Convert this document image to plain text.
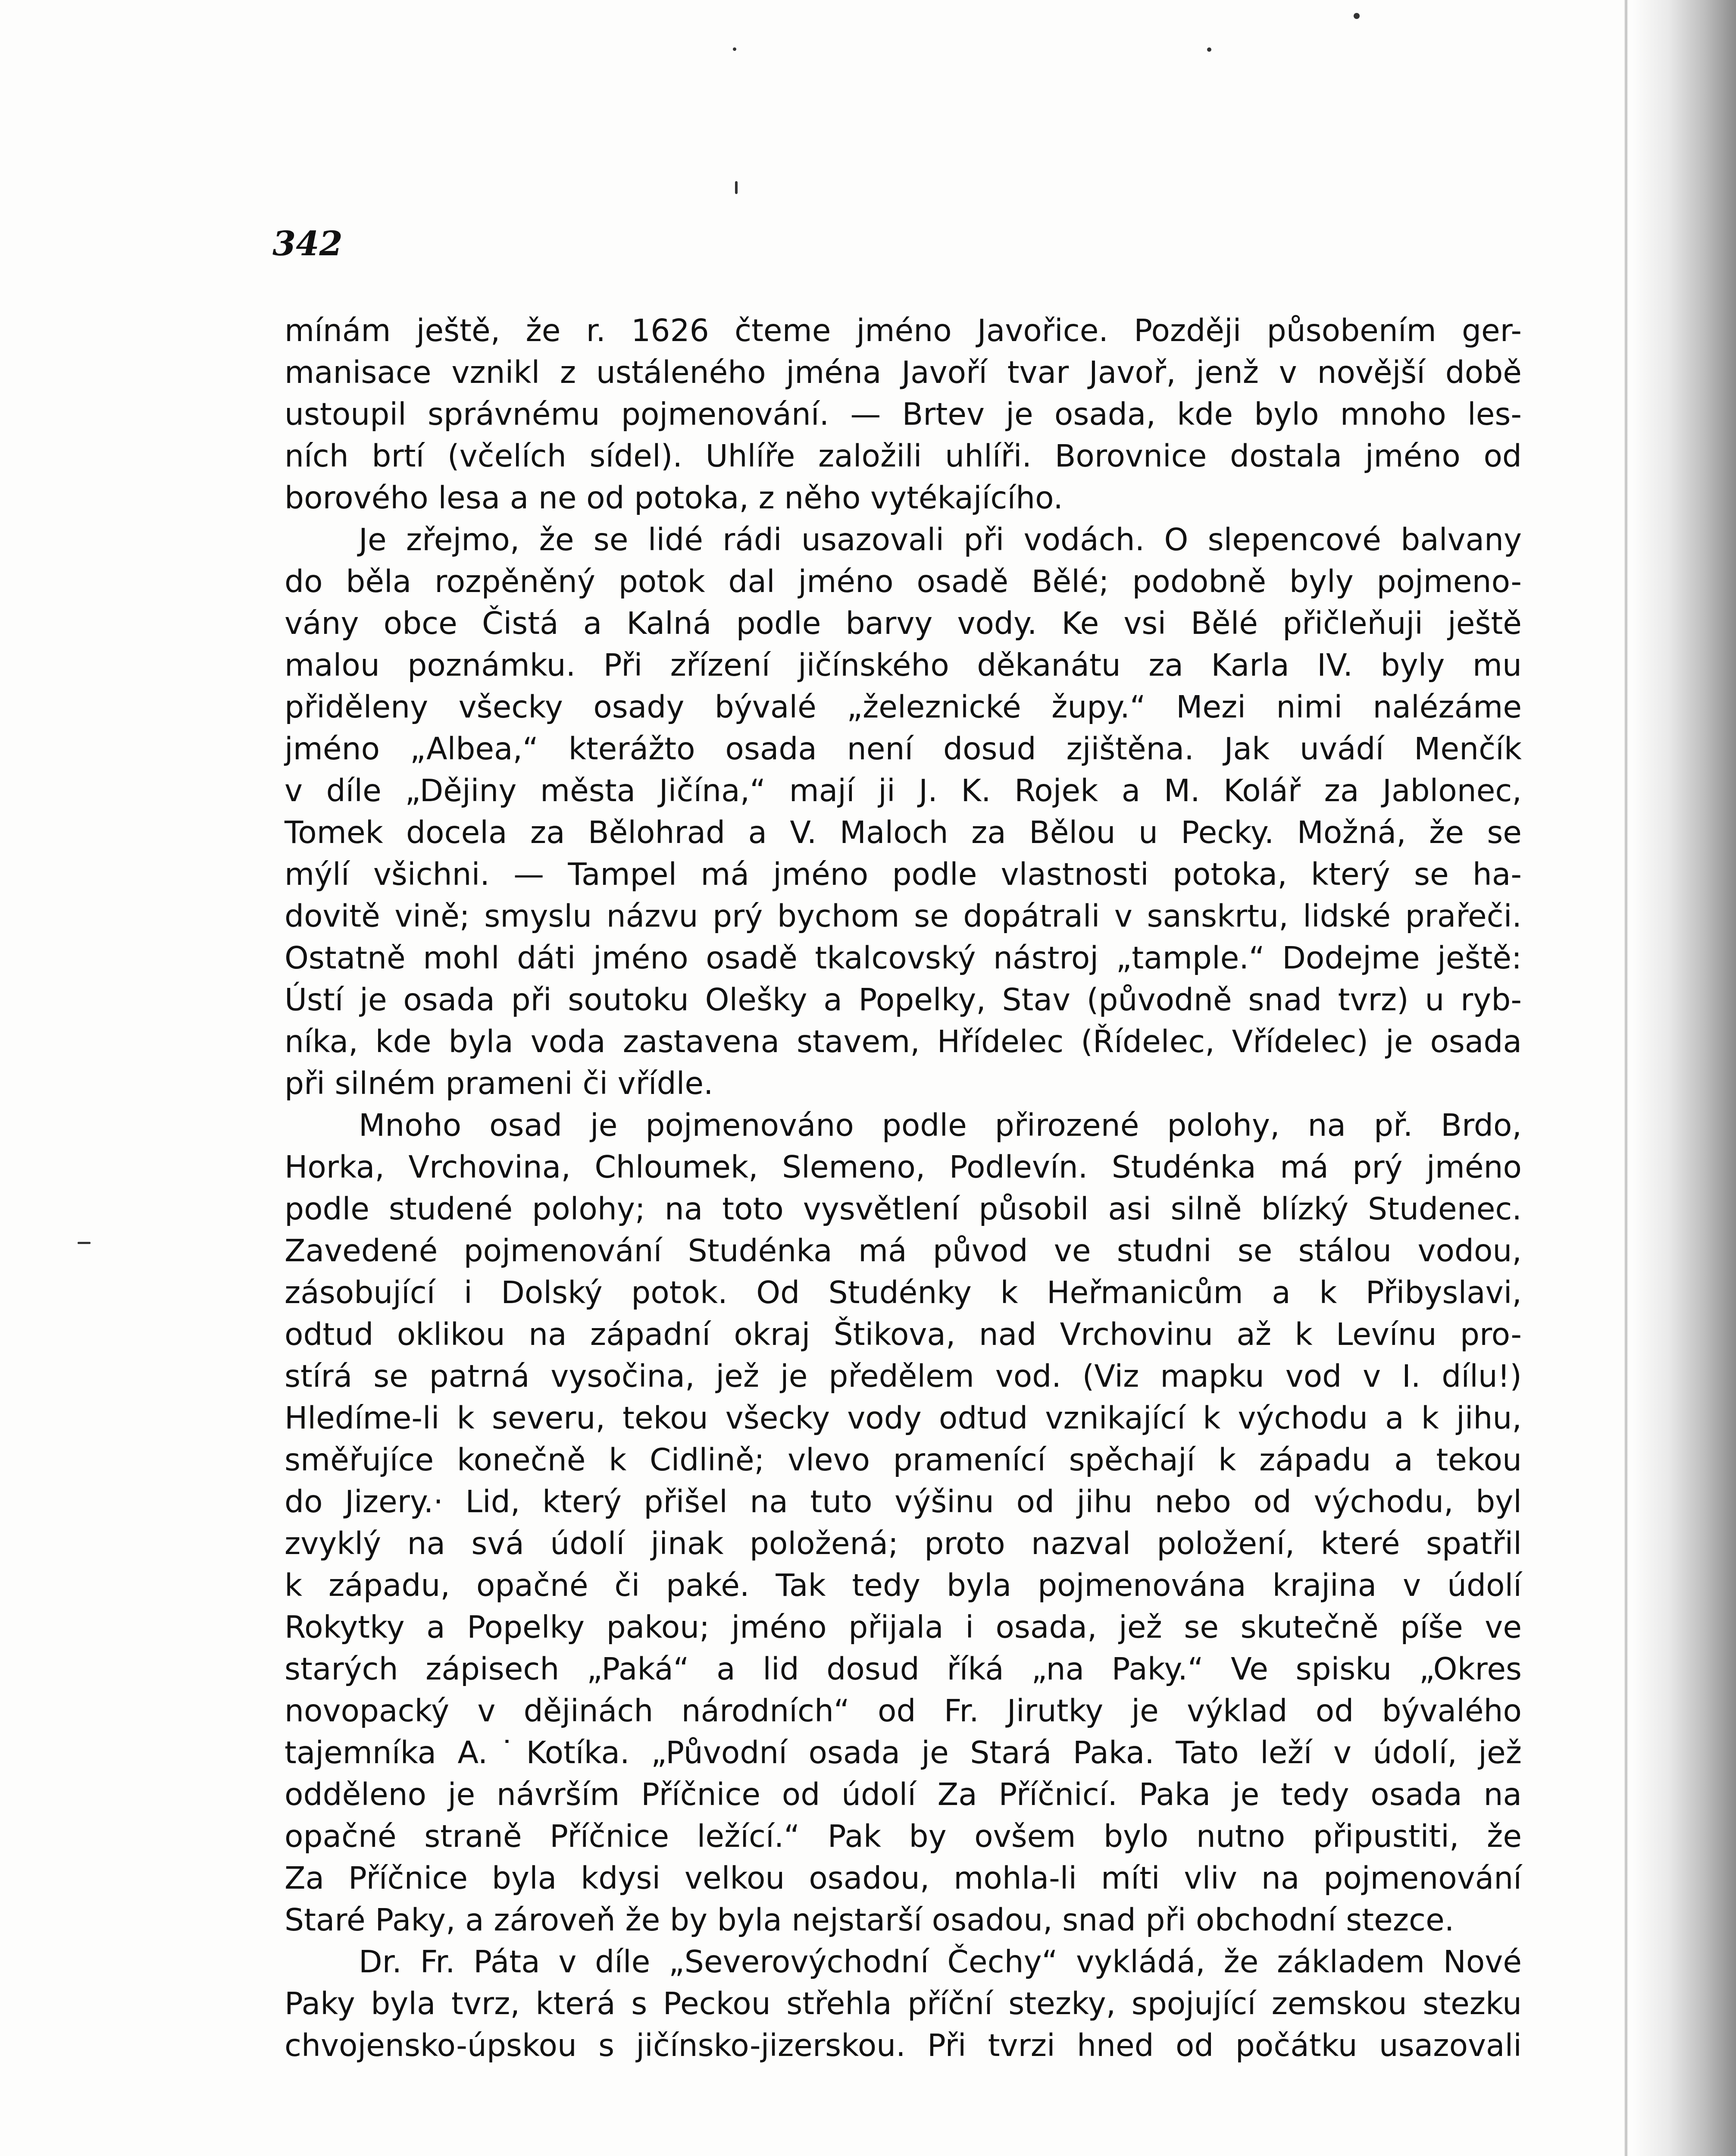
342
mínám ještě, že r. 1626 čteme jméno Javořice. Později působením ger-
manisace vznikl z ustáleného jména Javoří tvar Javoř, jenž v novější době
ustoupil správnému pojmenování. — Brtev je osada, kde bylo mnoho les-
ních brtí (včelích sídel). Uhlíře založili uhlíři. Borovnice dostala jméno od
borového lesa a ne od potoka, z něho vytékajícího.
Je zřejmo, že se lidé rádi usazovali při vodách. O slepencové balvany
do běla rozpěněný potok dal jméno osadě Bělé; podobně byly pojmeno-
vány obce Čistá a Kalná podle barvy vody. Ke vsi Bělé přičleňuji ještě
malou poznámku. Při zřízení jičínského děkanátu za Karla IV. byly mu
přiděleny všecky osady bývalé „železnické župy.“ Mezi nimi nalézáme
jméno „Albea,“ kterážto osada není dosud zjištěna. Jak uvádí Menčík
v díle „Dějiny města Jičína,“ mají ji J. K. Rojek a M. Kolář za Jablonec,
Tomek docela za Bělohrad a V. Maloch za Bělou u Pecky. Možná, že se
mýlí všichni. — Tampel má jméno podle vlastnosti potoka, který se ha-
dovitě vině; smyslu názvu prý bychom se dopátrali v sanskrtu, lidské prařeči.
Ostatně mohl dáti jméno osadě tkalcovský nástroj „tample.“ Dodejme ještě:
Ústí je osada při soutoku Olešky a Popelky, Stav (původně snad tvrz) u ryb-
níka, kde byla voda zastavena stavem, Hřídelec (Řídelec, Vřídelec) je osada
při silném prameni či vřídle.
Mnoho osad je pojmenováno podle přirozené polohy, na př. Brdo,
Horka, Vrchovina, Chloumek, Slemeno, Podlevín. Studénka má prý jméno
podle studené polohy; na toto vysvětlení působil asi silně blízký Studenec.
Zavedené pojmenování Studénka má původ ve studni se stálou vodou,
zásobující i Dolský potok. Od Studénky k Heřmanicům a k Přibyslavi,
odtud oklikou na západní okraj Štikova, nad Vrchovinu až k Levínu pro-
stírá se patrná vysočina, jež je předělem vod. (Viz mapku vod v I. dílu!)
Hledíme-li k severu, tekou všecky vody odtud vznikající k východu a k jihu,
směřujíce konečně k Cidlině; vlevo pramenící spěchají k západu a tekou
do Jizery.· Lid, který přišel na tuto výšinu od jihu nebo od východu, byl
zvyklý na svá údolí jinak položená; proto nazval položení, které spatřil
k západu, opačné či paké. Tak tedy byla pojmenována krajina v údolí
Rokytky a Popelky pakou; jméno přijala i osada, jež se skutečně píše ve
starých zápisech „Paká“ a lid dosud říká „na Paky.“ Ve spisku „Okres
novopacký v dějinách národních“ od Fr. Jirutky je výklad od bývalého
tajemníka A.˙Kotíka. „Původní osada je Stará Paka. Tato leží v údolí, jež
odděleno je návrším Příčnice od údolí Za Příčnicí. Paka je tedy osada na
opačné straně Příčnice ležící.“ Pak by ovšem bylo nutno připustiti, že
Za Příčnice byla kdysi velkou osadou, mohla-li míti vliv na pojmenování
Staré Paky, a zároveň že by byla nejstarší osadou, snad při obchodní stezce.
Dr. Fr. Páta v díle „Severovýchodní Čechy“ vykládá, že základem Nové
Paky byla tvrz, která s Peckou střehla příční stezky, spojující zemskou stezku
chvojensko-úpskou s jičínsko-jizerskou. Při tvrzi hned od počátku usazovali
